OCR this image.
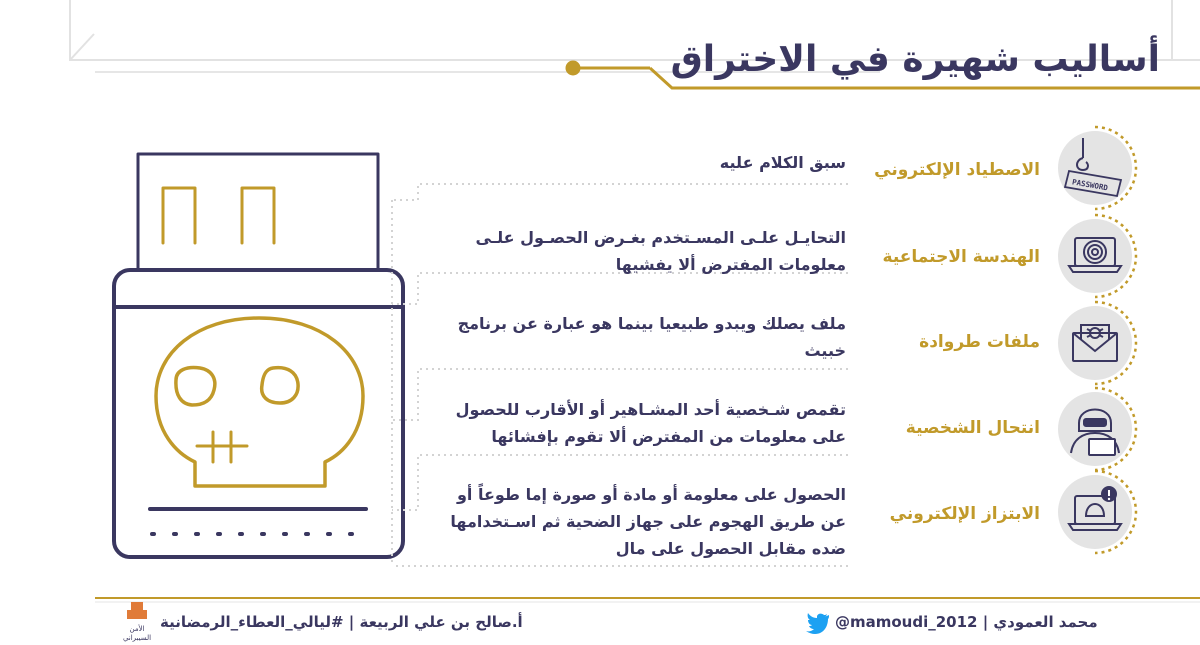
PASSWORD
الأمن
السيبراني
أساليب شهيرة في الاختراق
الاصطياد الإلكتروني
الهندسة الاجتماعية
ملفات طروادة
انتحال الشخصية
الابتزاز الإلكتروني
سبق الكلام عليه
التحايـل علـى المسـتخدم بغـرض الحصـول علـى
معلومات المفترض ألا يفشيها
ملف يصلك ويبدو طبيعيا بينما هو عبارة عن برنامج
خبيث
تقمص شـخصية أحد المشـاهير أو الأقارب للحصول
على معلومات من المفترض ألا تقوم بإفشائها
الحصول على معلومة أو مادة أو صورة إما طوعاً أو
عن طريق الهجوم على جهاز الضحية ثم اسـتخدامها
ضده مقابل الحصول على مال
أ.صالح بن علي الربيعة | #ليالي_العطاء_الرمضانية	@mamoudi_2012 محمد العمودي |
